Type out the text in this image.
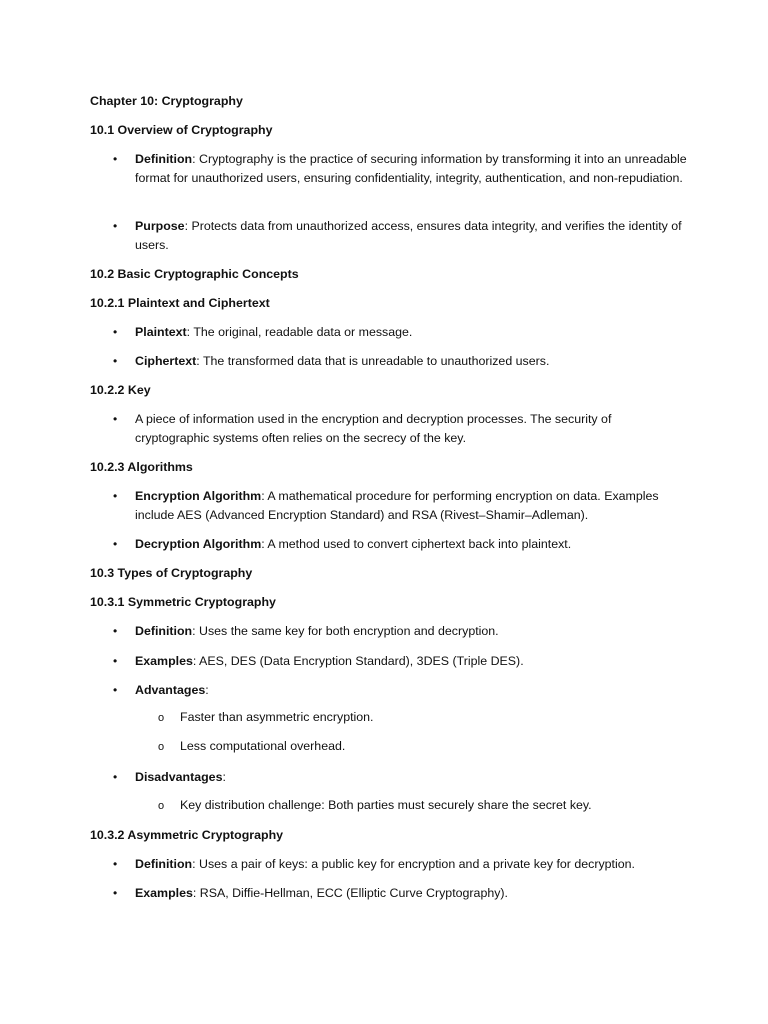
Chapter 10: Cryptography
10.1 Overview of Cryptography
• Definition: Cryptography is the practice of securing information by transforming it into an unreadable format for unauthorized users, ensuring confidentiality, integrity, authentication, and non-repudiation.
• Purpose: Protects data from unauthorized access, ensures data integrity, and verifies the identity of users.
10.2 Basic Cryptographic Concepts
10.2.1 Plaintext and Ciphertext
• Plaintext: The original, readable data or message.
• Ciphertext: The transformed data that is unreadable to unauthorized users.
10.2.2 Key
• A piece of information used in the encryption and decryption processes. The security of cryptographic systems often relies on the secrecy of the key.
10.2.3 Algorithms
• Encryption Algorithm: A mathematical procedure for performing encryption on data. Examples include AES (Advanced Encryption Standard) and RSA (Rivest–Shamir–Adleman).
• Decryption Algorithm: A method used to convert ciphertext back into plaintext.
10.3 Types of Cryptography
10.3.1 Symmetric Cryptography
• Definition: Uses the same key for both encryption and decryption.
• Examples: AES, DES (Data Encryption Standard), 3DES (Triple DES).
• Advantages:
o Faster than asymmetric encryption.
o Less computational overhead.
• Disadvantages:
o Key distribution challenge: Both parties must securely share the secret key.
10.3.2 Asymmetric Cryptography
• Definition: Uses a pair of keys: a public key for encryption and a private key for decryption.
• Examples: RSA, Diffie-Hellman, ECC (Elliptic Curve Cryptography).
